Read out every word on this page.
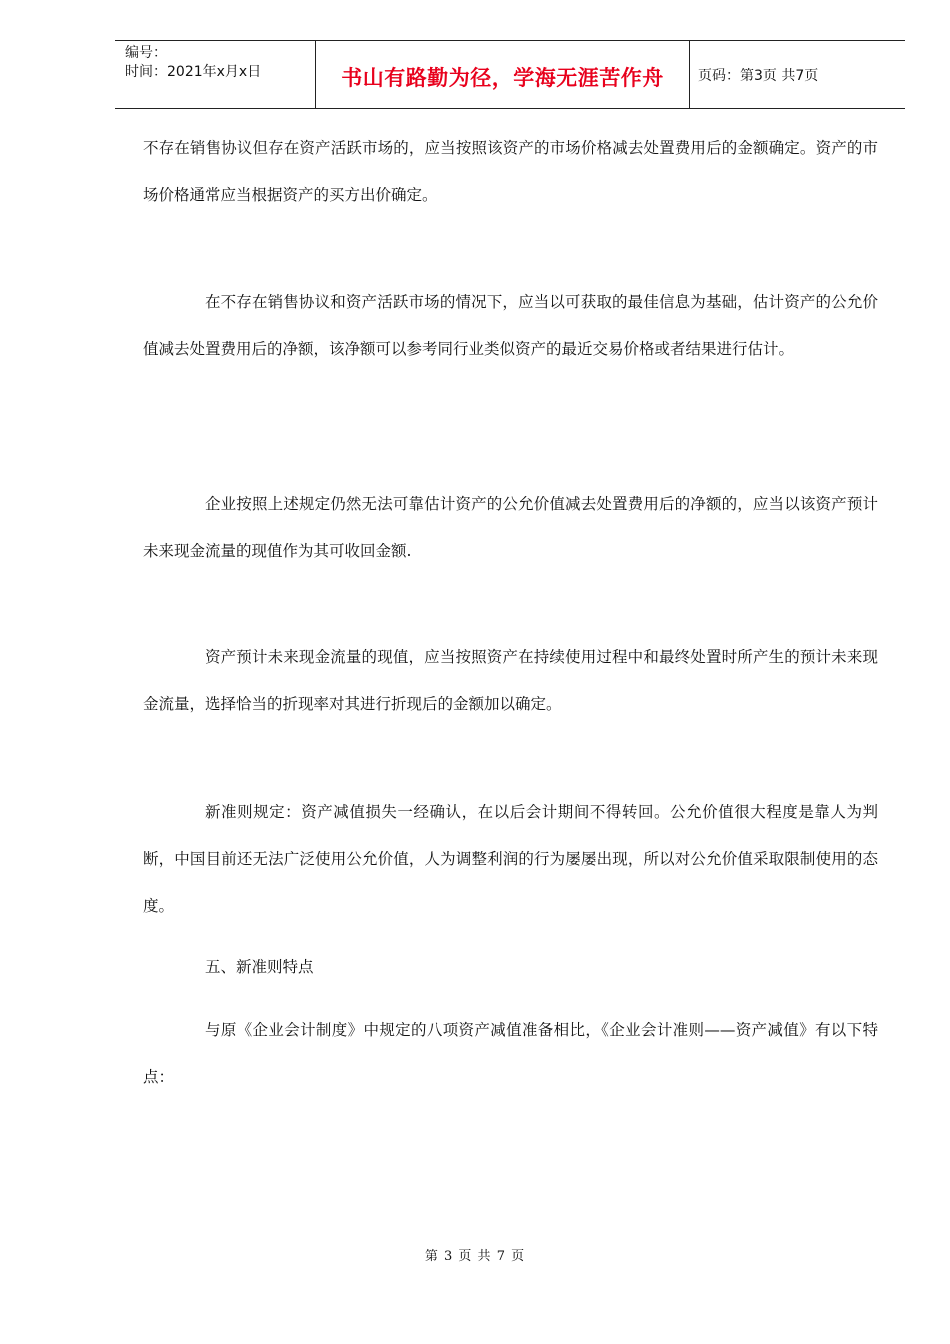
编号：
时间：2021年x月x日	书山有路勤为径，学海无涯苦作舟 页码：第3页 共7页

不存在销售协议但存在资产活跃市场的，应当按照该资产的市场价格减去处置费用后的金额确定。资产的市场价格通常应当根据资产的买方出价确定。

在不存在销售协议和资产活跃市场的情况下，应当以可获取的最佳信息为基础，估计资产的公允价值减去处置费用后的净额，该净额可以参考同行业类似资产的最近交易价格或者结果进行估计。

企业按照上述规定仍然无法可靠估计资产的公允价值减去处置费用后的净额的，应当以该资产预计未来现金流量的现值作为其可收回金额.

资产预计未来现金流量的现值，应当按照资产在持续使用过程中和最终处置时所产生的预计未来现金流量，选择恰当的折现率对其进行折现后的金额加以确定。

新准则规定：资产减值损失一经确认，在以后会计期间不得转回。公允价值很大程度是靠人为判断，中国目前还无法广泛使用公允价值，人为调整利润的行为屡屡出现，所以对公允价值采取限制使用的态度。

五、新准则特点

与原《企业会计制度》中规定的八项资产减值准备相比，《企业会计准则——资产减值》有以下特点：

第 3 页 共 7 页
